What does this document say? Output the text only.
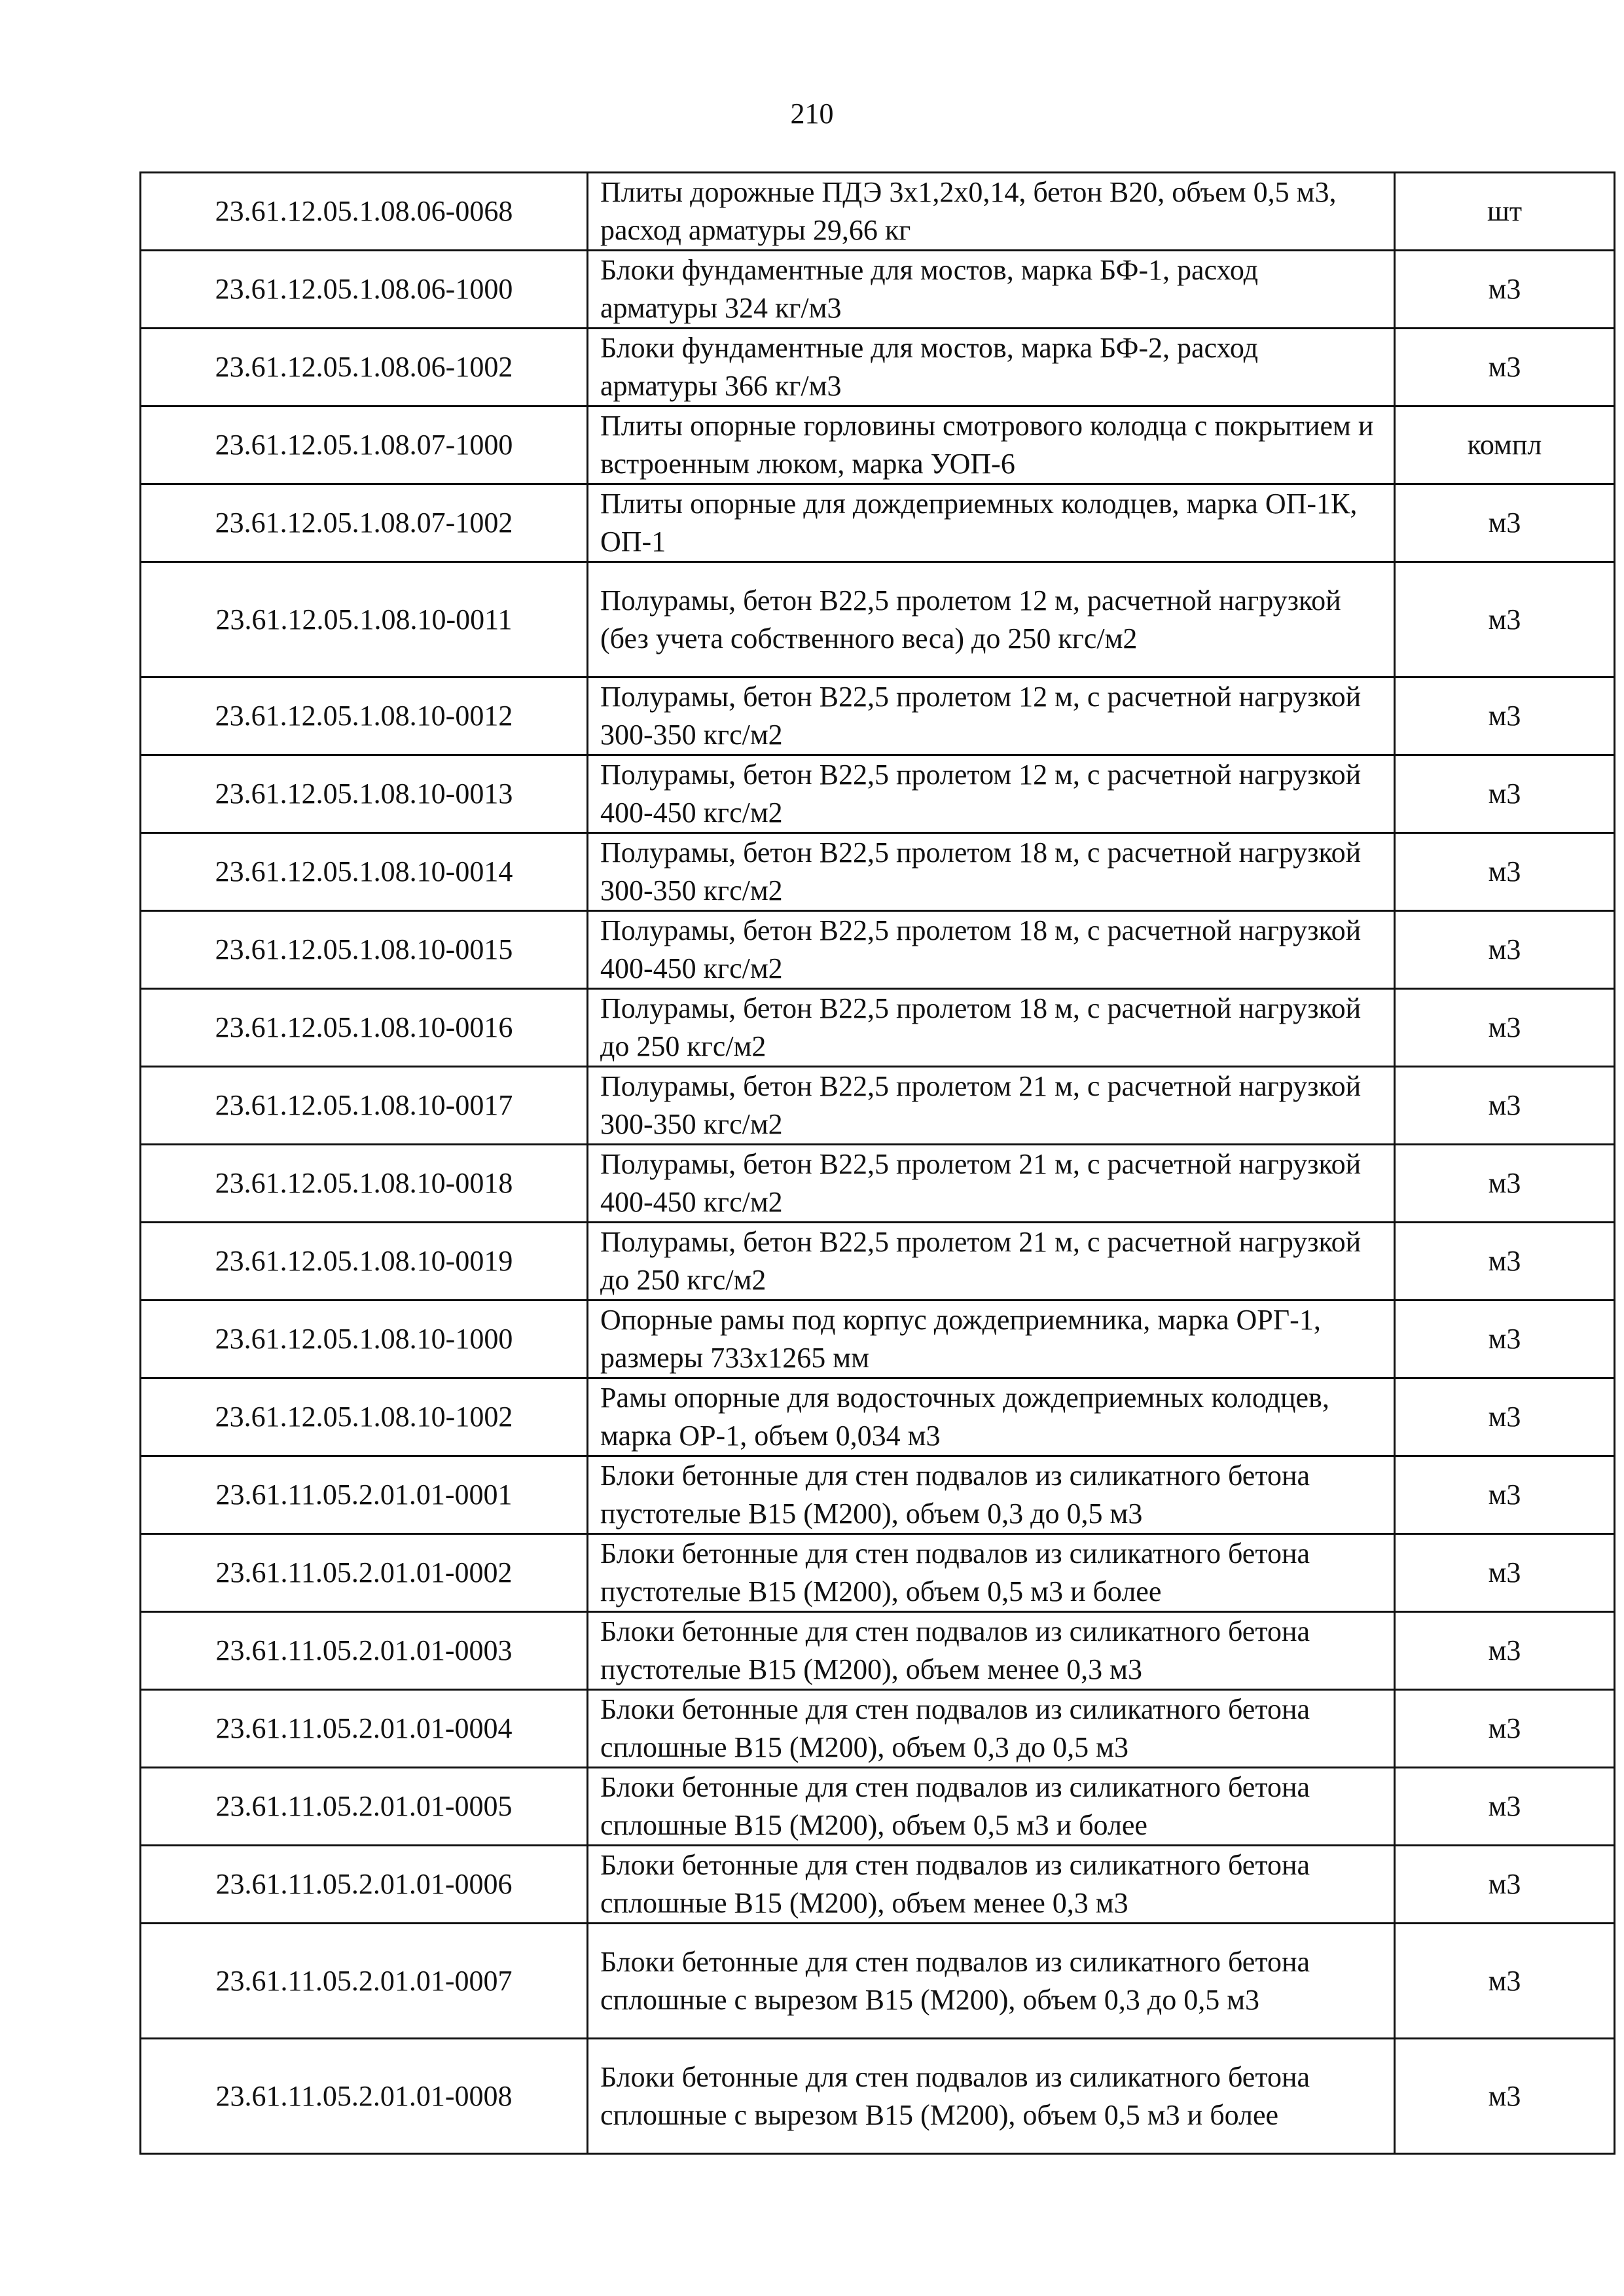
210
23.61.12.05.1.08.06-0068	Плиты дорожные ПДЭ 3х1,2х0,14, бетон В20, объем 0,5 м3, расход арматуры 29,66 кг	шт
23.61.12.05.1.08.06-1000	Блоки фундаментные для мостов, марка БФ-1, расход арматуры 324 кг/м3	м3
23.61.12.05.1.08.06-1002	Блоки фундаментные для мостов, марка БФ-2, расход арматуры 366 кг/м3	м3
23.61.12.05.1.08.07-1000	Плиты опорные горловины смотрового колодца с покрытием и встроенным люком, марка УОП-6	компл
23.61.12.05.1.08.07-1002	Плиты опорные для дождеприемных колодцев, марка ОП-1К, ОП-1	м3
23.61.12.05.1.08.10-0011	Полурамы, бетон В22,5 пролетом 12 м, расчетной нагрузкой (без учета собственного веса) до 250 кгс/м2	м3
23.61.12.05.1.08.10-0012	Полурамы, бетон В22,5 пролетом 12 м, с расчетной нагрузкой 300-350 кгс/м2	м3
23.61.12.05.1.08.10-0013	Полурамы, бетон В22,5 пролетом 12 м, с расчетной нагрузкой 400-450 кгс/м2	м3
23.61.12.05.1.08.10-0014	Полурамы, бетон В22,5 пролетом 18 м, с расчетной нагрузкой 300-350 кгс/м2	м3
23.61.12.05.1.08.10-0015	Полурамы, бетон В22,5 пролетом 18 м, с расчетной нагрузкой 400-450 кгс/м2	м3
23.61.12.05.1.08.10-0016	Полурамы, бетон В22,5 пролетом 18 м, с расчетной нагрузкой до 250 кгс/м2	м3
23.61.12.05.1.08.10-0017	Полурамы, бетон В22,5 пролетом 21 м, с расчетной нагрузкой 300-350 кгс/м2	м3
23.61.12.05.1.08.10-0018	Полурамы, бетон В22,5 пролетом 21 м, с расчетной нагрузкой 400-450 кгс/м2	м3
23.61.12.05.1.08.10-0019	Полурамы, бетон В22,5 пролетом 21 м, с расчетной нагрузкой до 250 кгс/м2	м3
23.61.12.05.1.08.10-1000	Опорные рамы под корпус дождеприемника, марка ОРГ-1, размеры 733х1265 мм	м3
23.61.12.05.1.08.10-1002	Рамы опорные для водосточных дождеприемных колодцев, марка ОР-1, объем 0,034 м3	м3
23.61.11.05.2.01.01-0001	Блоки бетонные для стен подвалов из силикатного бетона пустотелые В15 (М200), объем 0,3 до 0,5 м3	м3
23.61.11.05.2.01.01-0002	Блоки бетонные для стен подвалов из силикатного бетона пустотелые В15 (М200), объем 0,5 м3 и более	м3
23.61.11.05.2.01.01-0003	Блоки бетонные для стен подвалов из силикатного бетона пустотелые В15 (М200), объем менее 0,3 м3	м3
23.61.11.05.2.01.01-0004	Блоки бетонные для стен подвалов из силикатного бетона сплошные В15 (М200), объем 0,3 до 0,5 м3	м3
23.61.11.05.2.01.01-0005	Блоки бетонные для стен подвалов из силикатного бетона сплошные В15 (М200), объем 0,5 м3 и более	м3
23.61.11.05.2.01.01-0006	Блоки бетонные для стен подвалов из силикатного бетона сплошные В15 (М200), объем менее 0,3 м3	м3
23.61.11.05.2.01.01-0007	Блоки бетонные для стен подвалов из силикатного бетона сплошные с вырезом В15 (М200), объем 0,3 до 0,5 м3	м3
23.61.11.05.2.01.01-0008	Блоки бетонные для стен подвалов из силикатного бетона сплошные с вырезом В15 (М200), объем 0,5 м3 и более	м3
